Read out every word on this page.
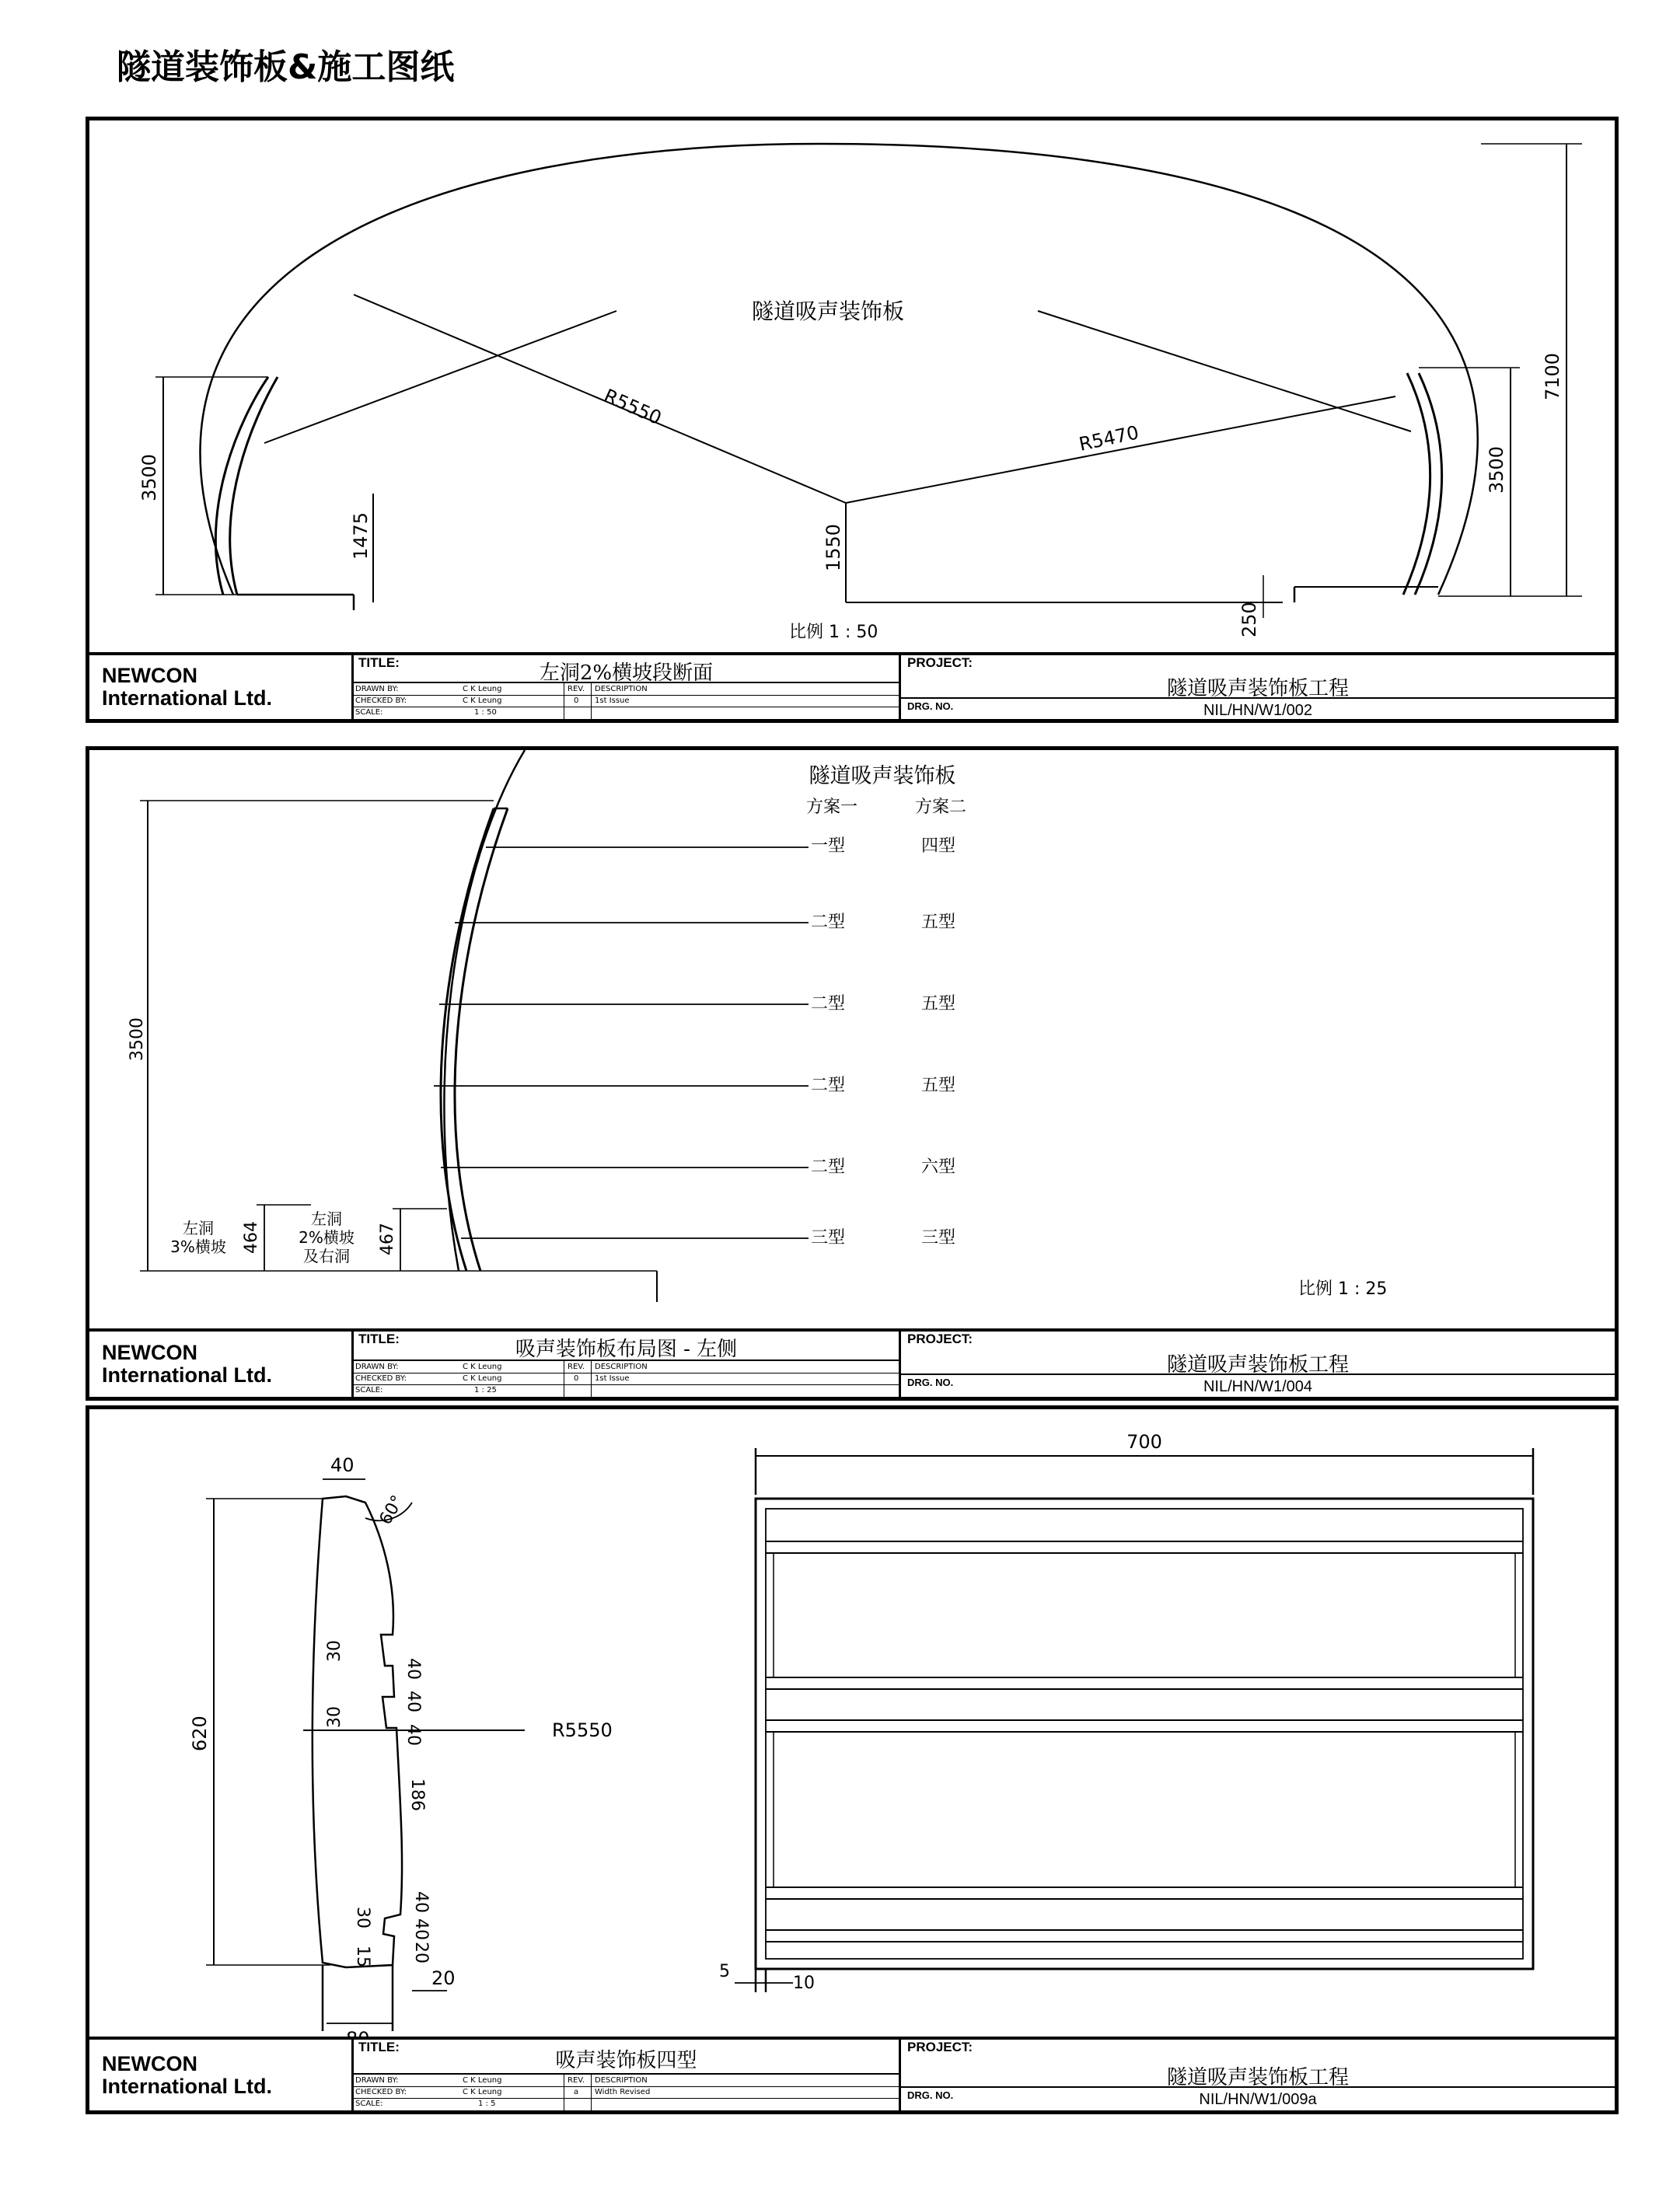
隧道装饰板&施工图纸
隧道吸声装饰板
R5550
R5470
7100
3500
3500
1475	1550
250
比例 1 : 50
NEWCON
International Ltd.
TITLE:	左洞2%横坡段断面
DRAWN BY:	C K Leung	REV. DESCRIPTION
CHECKED BY:	C K Leung	0 1st Issue
SCALE:	1 : 50
PROJECT:
隧道吸声装饰板工程
DRG. NO.	NIL/HN/W1/002
隧道吸声装饰板
方案一	方案二
一型	四型
二型	五型
二型	五型
二型	五型
二型	六型
三型	三型
3500
左洞
3%横坡 464
左洞
2%横坡
及右洞
467
比例 1 : 25
NEWCON
International Ltd.
TITLE:	吸声装饰板布局图 - 左侧
DRAWN BY:	C K Leung	REV. DESCRIPTION
CHECKED BY:	C K Leung	0 1st Issue
SCALE:	1 : 25
PROJECT:
隧道吸声装饰板工程
DRG. NO.	NIL/HN/W1/004
40
60°
620
30
30
40
40
40	R5550
186
30
15
40
40
20
20
700
5
10
NEWCON
International Ltd.
TITLE:
吸声装饰板四型
DRAWN BY:	C K Leung	REV. DESCRIPTION
CHECKED BY:	C K Leung	a Width Revised
SCALE:	1 : 5
PROJECT:
隧道吸声装饰板工程
DRG. NO.	NIL/HN/W1/009a
